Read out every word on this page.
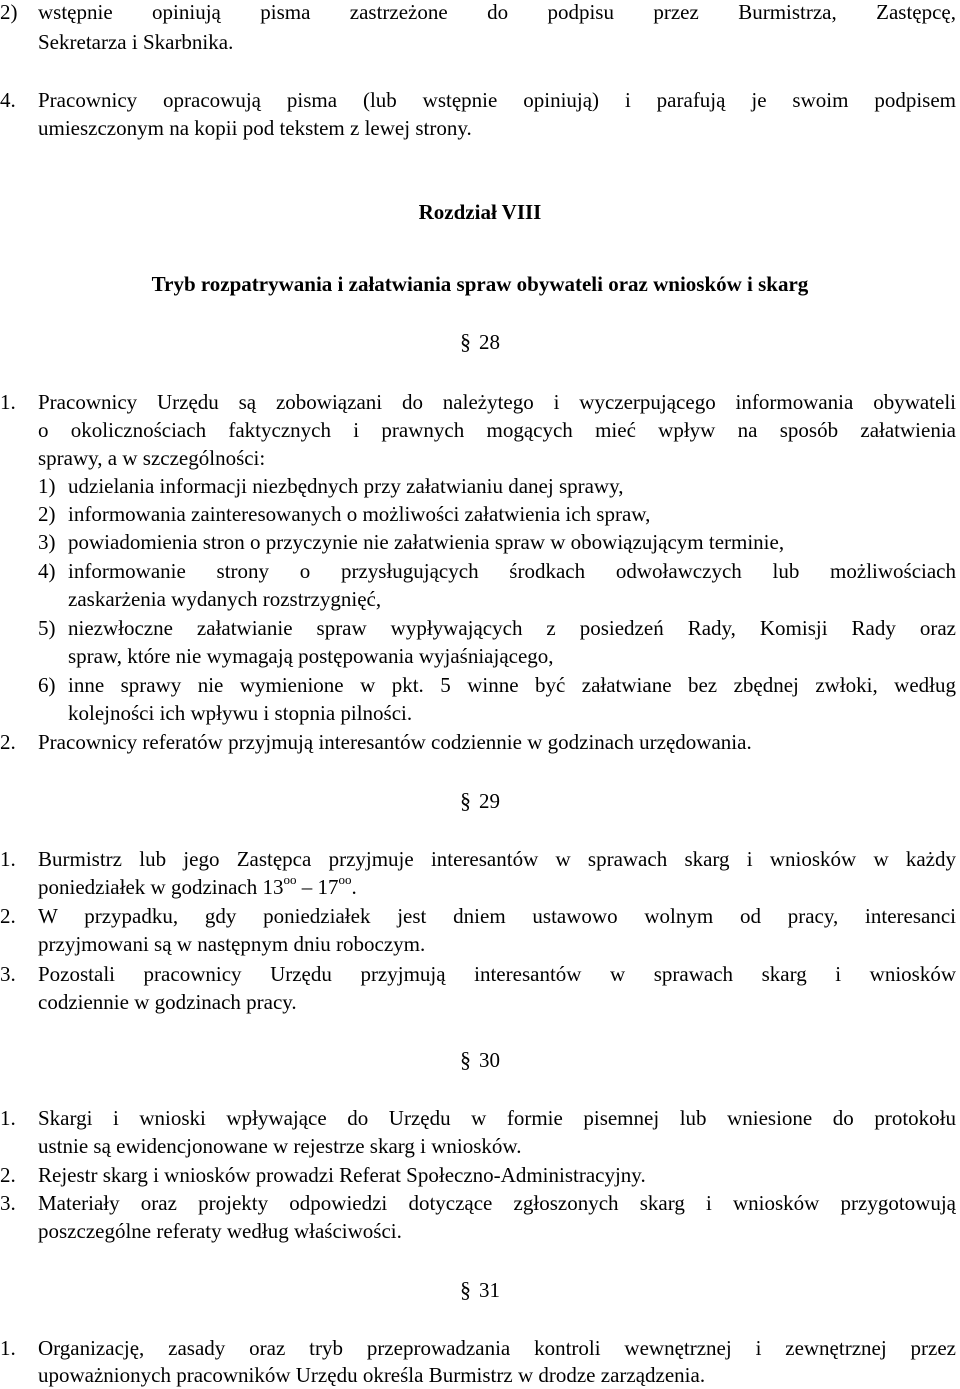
2) wstępnie opiniują pisma zastrzeżone do podpisu przez Burmistrza, Zastępcę,
Sekretarza i Skarbnika.
4. Pracownicy opracowują pisma (lub wstępnie opiniują) i parafują je swoim podpisem
umieszczonym na kopii pod tekstem z lewej strony.
Rozdział VIII
Tryb rozpatrywania i załatwiania spraw obywateli oraz wniosków i skarg
§ 28
1. Pracownicy Urzędu są zobowiązani do należytego i wyczerpującego informowania obywateli
o okolicznościach faktycznych i prawnych mogących mieć wpływ na sposób załatwienia
sprawy, a w szczególności:
1) udzielania informacji niezbędnych przy załatwianiu danej sprawy,
2) informowania zainteresowanych o możliwości załatwienia ich spraw,
3) powiadomienia stron o przyczynie nie załatwienia spraw w obowiązującym terminie,
4) informowanie strony o przysługujących środkach odwoławczych lub możliwościach
zaskarżenia wydanych rozstrzygnięć,
5) niezwłoczne załatwianie spraw wypływających z posiedzeń Rady, Komisji Rady oraz
spraw, które nie wymagają postępowania wyjaśniającego,
6) inne sprawy nie wymienione w pkt. 5 winne być załatwiane bez zbędnej zwłoki, według
kolejności ich wpływu i stopnia pilności.
2. Pracownicy referatów przyjmują interesantów codziennie w godzinach urzędowania.
§ 29
1. Burmistrz lub jego Zastępca przyjmuje interesantów w sprawach skarg i wniosków w każdy
poniedziałek w godzinach $13^{oo} - 17^{oo}$.
2. W przypadku, gdy poniedziałek jest dniem ustawowo wolnym od pracy, interesanci
przyjmowani są w następnym dniu roboczym.
3. Pozostali pracownicy Urzędu przyjmują interesantów w sprawach skarg i wniosków
codziennie w godzinach pracy.
§ 30
1. Skargi i wnioski wpływające do Urzędu w formie pisemnej lub wniesione do protokołu
ustnie są ewidencjonowane w rejestrze skarg i wniosków.
2. Rejestr skarg i wniosków prowadzi Referat Społeczno-Administracyjny.
3. Materiały oraz projekty odpowiedzi dotyczące zgłoszonych skarg i wniosków przygotowują
poszczególne referaty według właściwości.
§ 31
1. Organizację, zasady oraz tryb przeprowadzania kontroli wewnętrznej i zewnętrznej przez
upoważnionych pracowników Urzędu określa Burmistrz w drodze zarządzenia.
